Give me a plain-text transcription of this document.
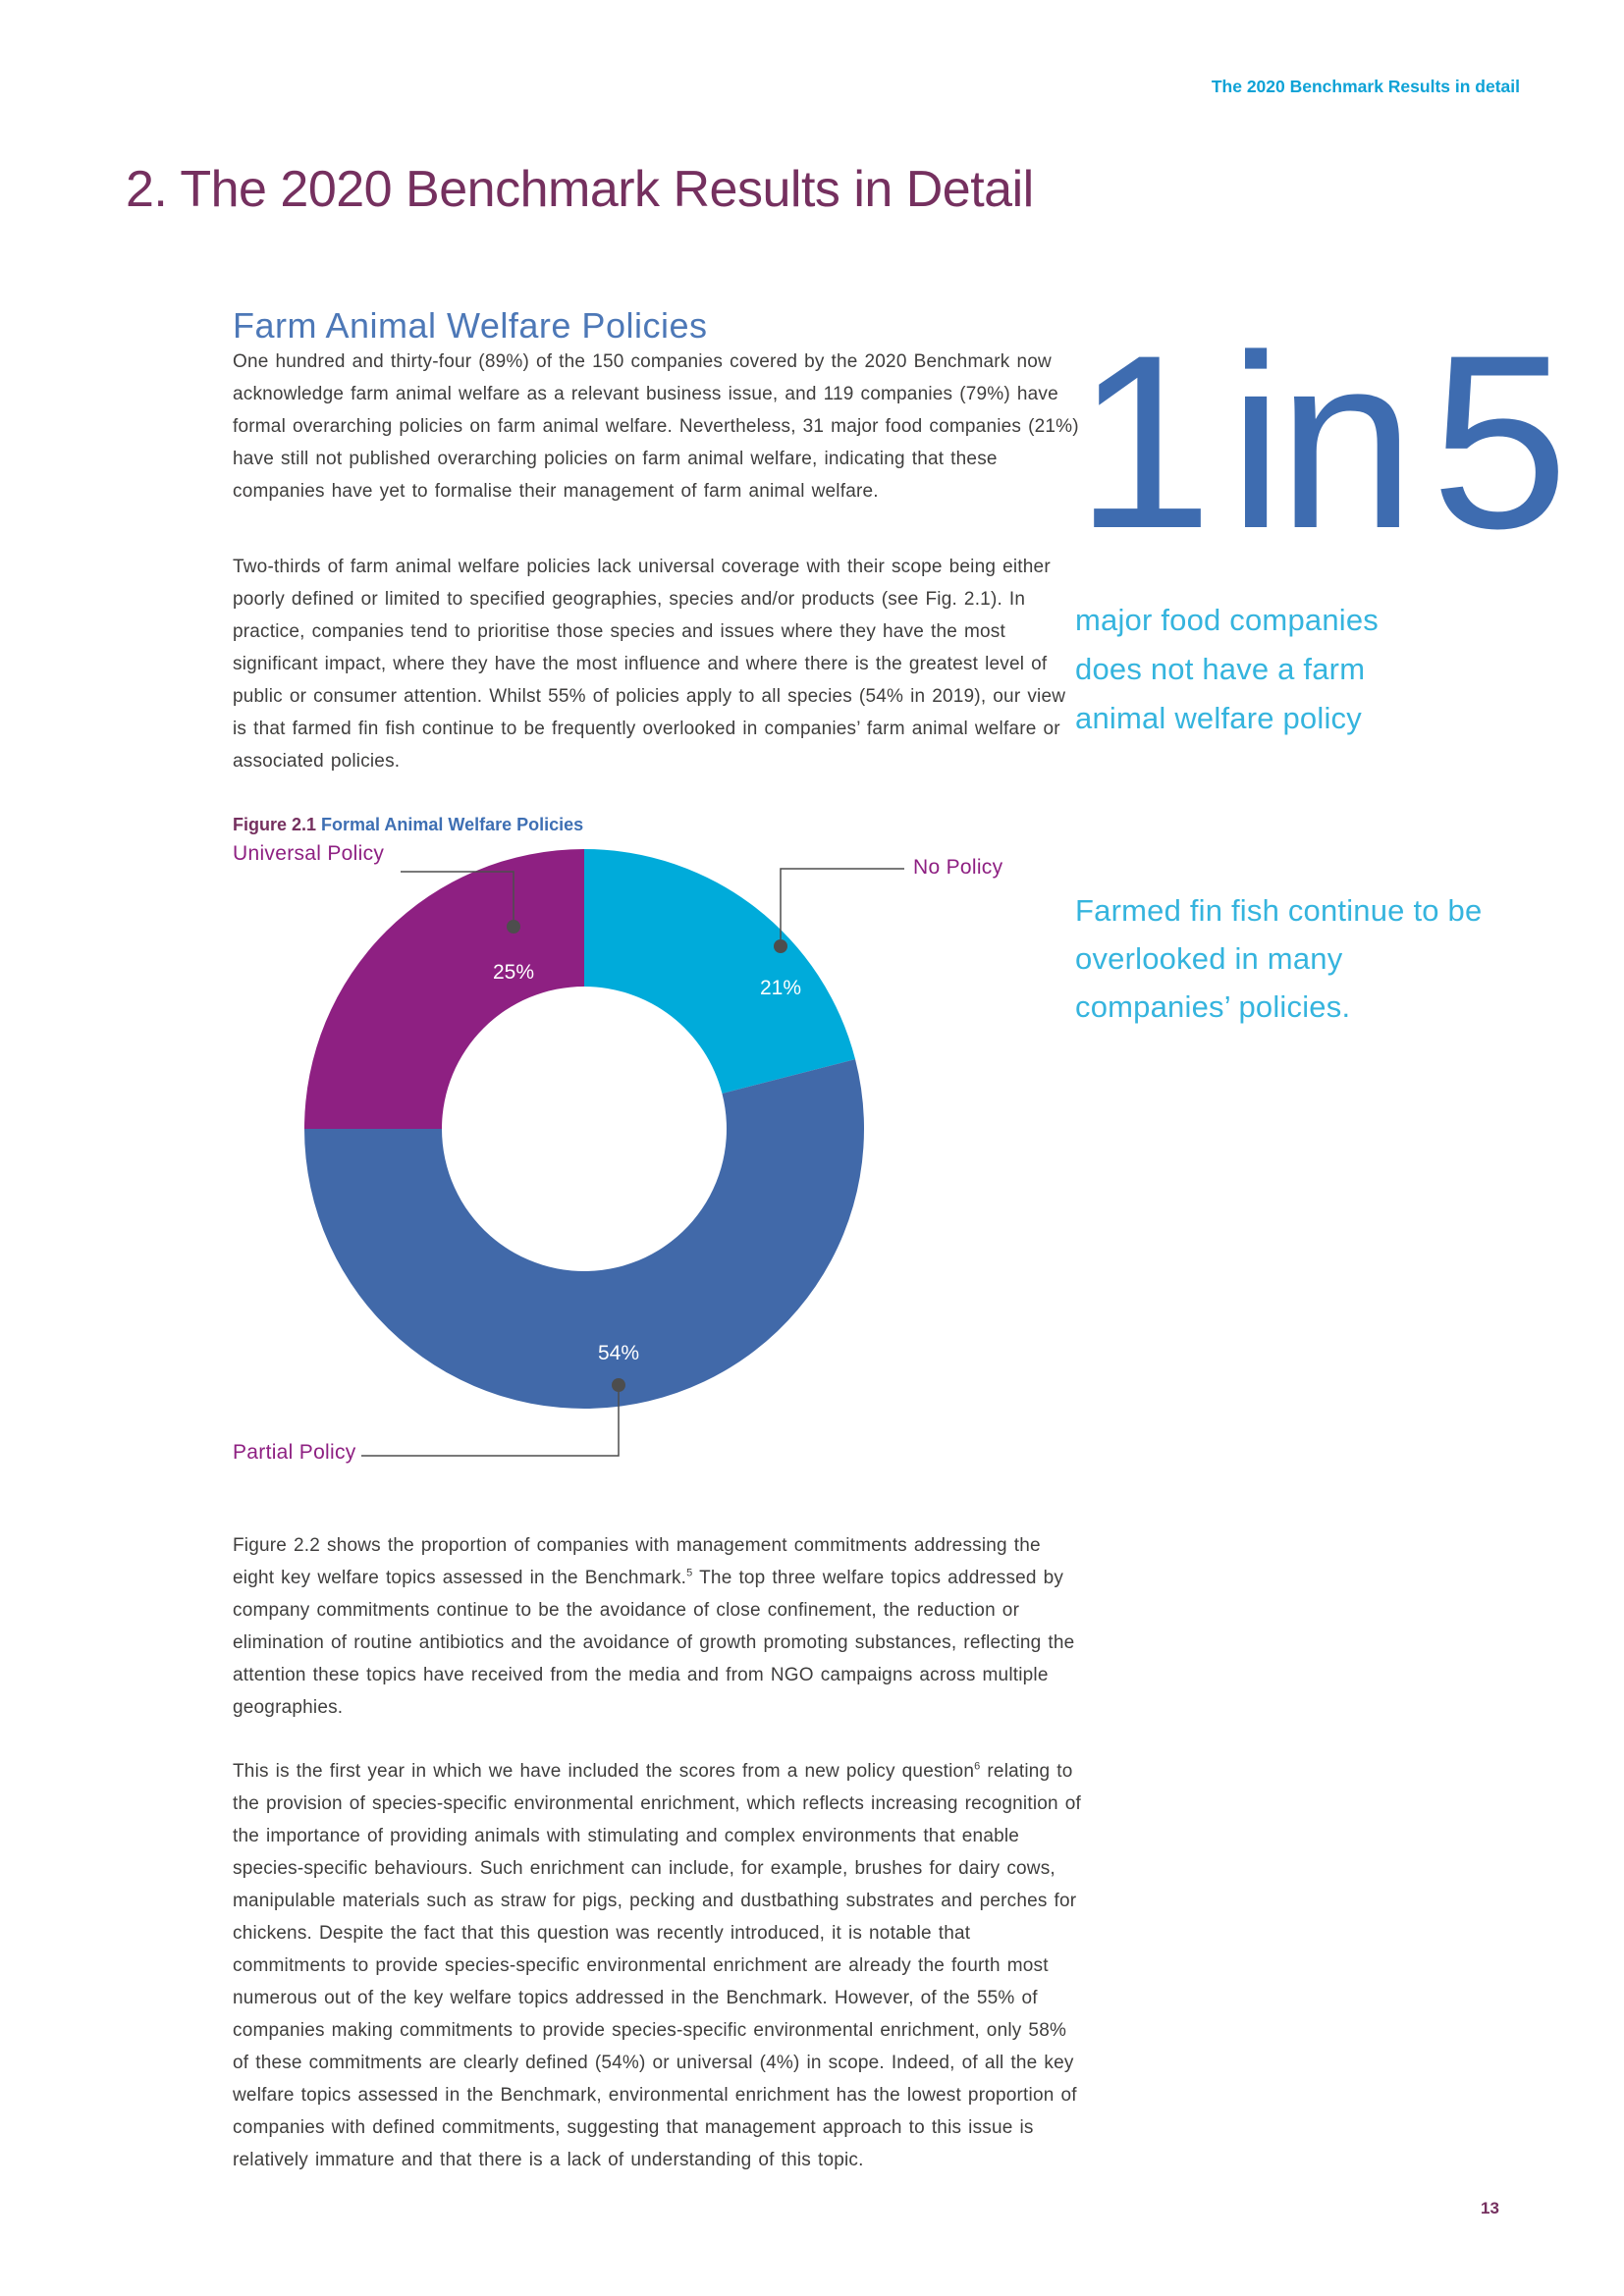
The 2020 Benchmark Results in detail
2. The 2020 Benchmark Results in Detail
Farm Animal Welfare Policies

One hundred and thirty-four (89%) of the 150 companies covered by the 2020 Benchmark now acknowledge farm animal welfare as a relevant business issue, and 119 companies (79%) have formal overarching policies on farm animal welfare. Nevertheless, 31 major food companies (21%) have still not published overarching policies on farm animal welfare, indicating that these companies have yet to formalise their management of farm animal welfare.

Two-thirds of farm animal welfare policies lack universal coverage with their scope being either poorly defined or limited to specified geographies, species and/or products (see Fig. 2.1). In practice, companies tend to prioritise those species and issues where they have the most significant impact, where they have the most influence and where there is the greatest level of public or consumer attention. Whilst 55% of policies apply to all species (54% in 2019), our view is that farmed fin fish continue to be frequently overlooked in companies’ farm animal welfare or associated policies.

1 in 5
major food companies does not have a farm animal welfare policy
Farmed fin fish continue to be overlooked in many companies’ policies.
Figure 2.1 Formal Animal Welfare Policies
25%
21%
54%
Universal Policy
No Policy
Partial Policy

Figure 2.2 shows the proportion of companies with management commitments addressing the eight key welfare topics assessed in the Benchmark.$^5$ The top three welfare topics addressed by company commitments continue to be the avoidance of close confinement, the reduction or elimination of routine antibiotics and the avoidance of growth promoting substances, reflecting the attention these topics have received from the media and from NGO campaigns across multiple geographies.

This is the first year in which we have included the scores from a new policy question$^6$ relating to the provision of species-specific environmental enrichment, which reflects increasing recognition of the importance of providing animals with stimulating and complex environments that enable species-specific behaviours. Such enrichment can include, for example, brushes for dairy cows, manipulable materials such as straw for pigs, pecking and dustbathing substrates and perches for chickens. Despite the fact that this question was recently introduced, it is notable that commitments to provide species-specific environmental enrichment are already the fourth most numerous out of the key welfare topics addressed in the Benchmark. However, of the 55% of companies making commitments to provide species-specific environmental enrichment, only 58% of these commitments are clearly defined (54%) or universal (4%) in scope. Indeed, of all the key welfare topics assessed in the Benchmark, environmental enrichment has the lowest proportion of companies with defined commitments, suggesting that management approach to this issue is relatively immature and that there is a lack of understanding of this topic.

13
